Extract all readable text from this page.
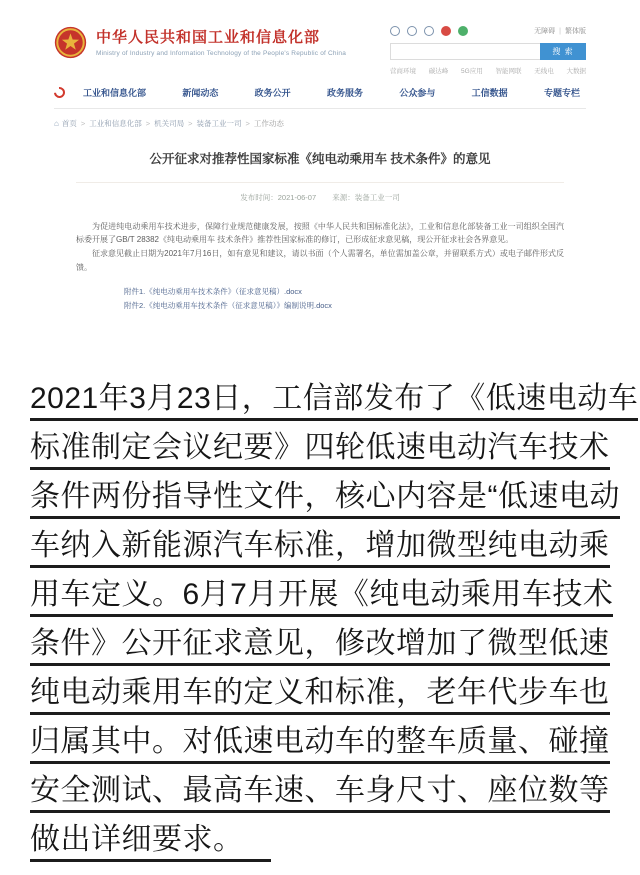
中华人民共和国工业和信息化部
Ministry of Industry and Information Technology of the People's Republic of China
无障碍 | 繁体版
搜 索
营商环境 碳达峰 5G应用 智能网联 无线电 大数据
工业和信息化部	新闻动态	政务公开	政务服务	公众参与	工信数据	专题专栏
⌂ 首页	> 工业和信息化部	> 机关司局	> 装备工业一司	> 工作动态
公开征求对推荐性国家标准《纯电动乘用车 技术条件》的意见
发布时间：2021-06-07 来源：装备工业一司

为促进纯电动乘用车技术进步，保障行业规范健康发展，按照《中华人民共和国标准化法》，工业和信息化部装备工业一司组织全国汽标委开展了GB/T 28382《纯电动乘用车 技术条件》推荐性国家标准的修订，已形成征求意见稿，现公开征求社会各界意见。

征求意见截止日期为2021年7月16日，如有意见和建议，请以书面（个人需署名，单位需加盖公章，并留联系方式）或电子邮件形式反馈。

附件1.《纯电动乘用车技术条件》（征求意见稿）.docx
附件2.《纯电动乘用车技术条件（征求意见稿）》编制说明.docx
2021年3月23日，工信部发布了《低速电动车
标准制定会议纪要》四轮低速电动汽车技术
条件两份指导性文件，核心内容是“低速电动
车纳入新能源汽车标准，增加微型纯电动乘
用车定义。6月7月开展《纯电动乘用车技术
条件》公开征求意见，修改增加了微型低速
纯电动乘用车的定义和标准，老年代步车也
归属其中。对低速电动车的整车质量、碰撞
安全测试、最高车速、车身尺寸、座位数等
做出详细要求。
